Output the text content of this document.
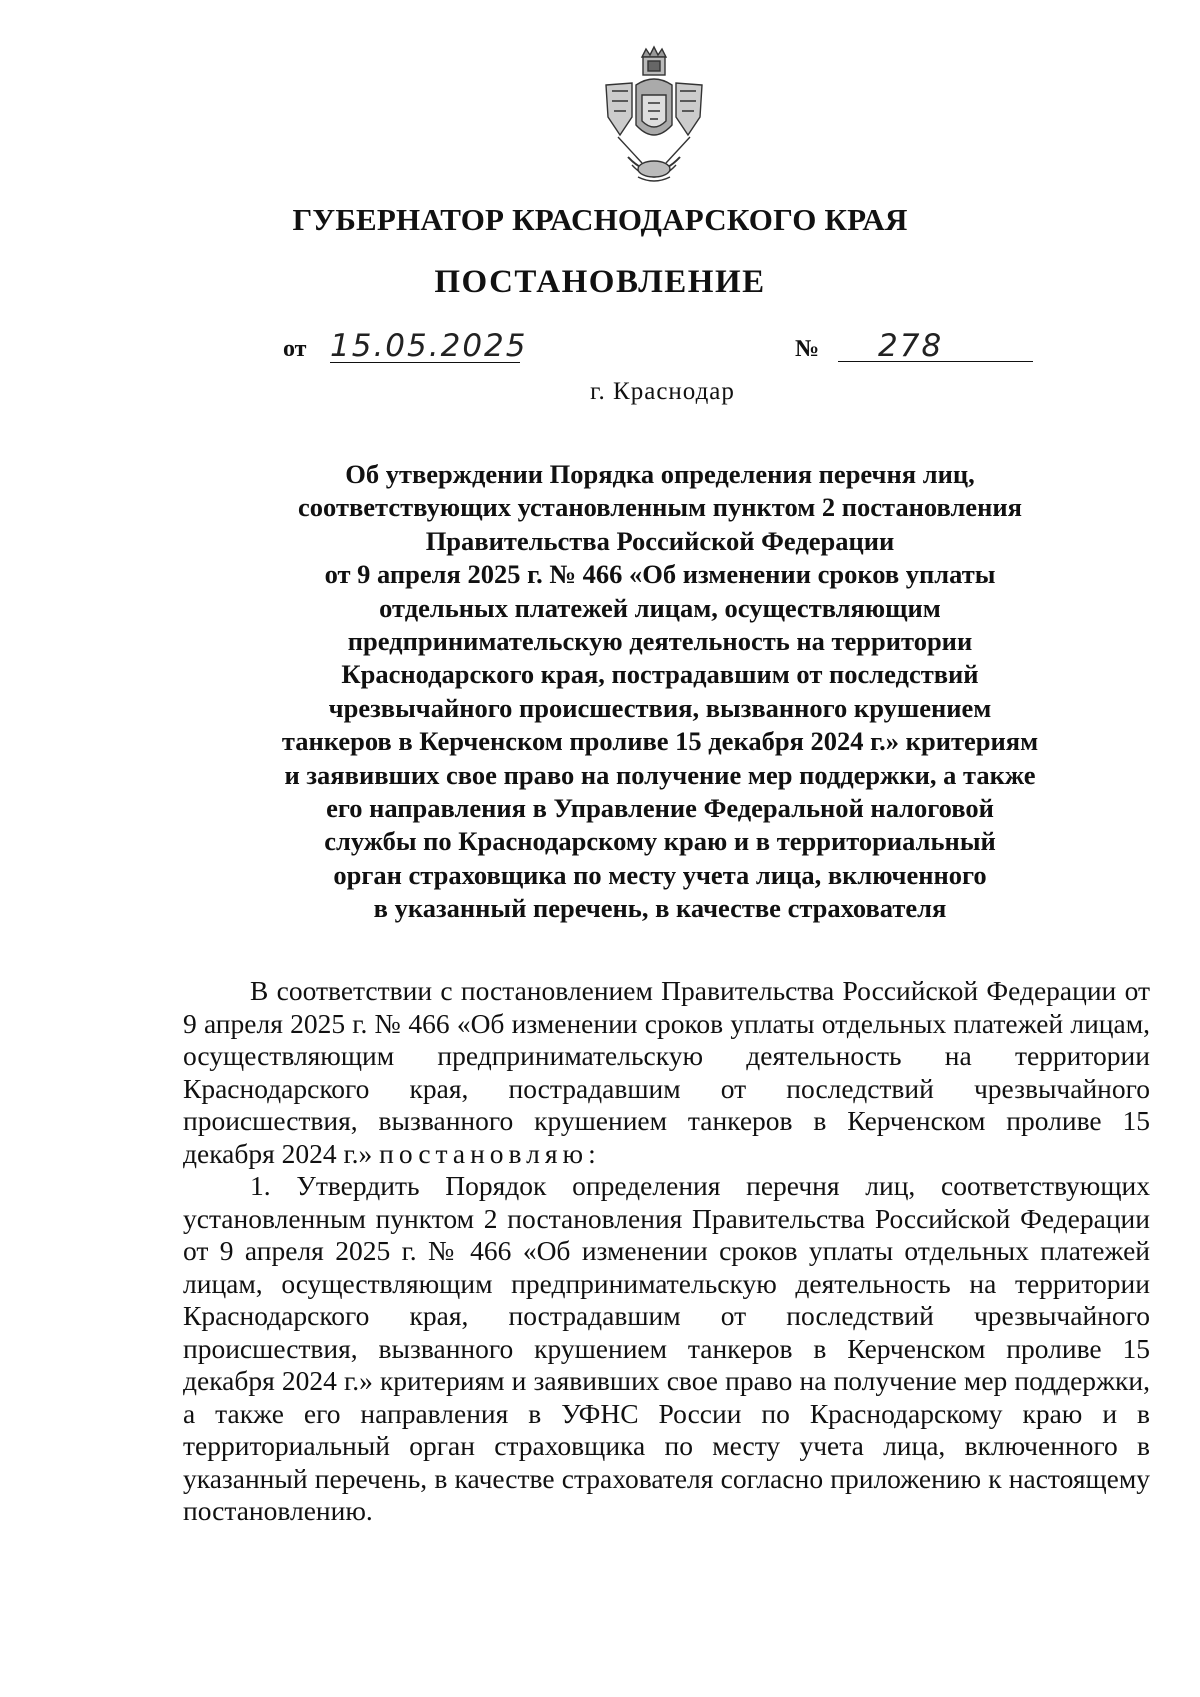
ГУБЕРНАТОР КРАСНОДАРСКОГО КРАЯ
ПОСТАНОВЛЕНИЕ
от 15.05.2025	№	278
г. Краснодар
Об утверждении Порядка определения перечня лиц,
соответствующих установленным пунктом 2 постановления
Правительства Российской Федерации
от 9 апреля 2025 г. № 466 «Об изменении сроков уплаты
отдельных платежей лицам, осуществляющим
предпринимательскую деятельность на территории
Краснодарского края, пострадавшим от последствий
чрезвычайного происшествия, вызванного крушением
танкеров в Керченском проливе 15 декабря 2024 г.» критериям
и заявивших свое право на получение мер поддержки, а также
его направления в Управление Федеральной налоговой
службы по Краснодарскому краю и в территориальный
орган страховщика по месту учета лица, включенного
в указанный перечень, в качестве страхователя

В соответствии с постановлением Правительства Российской Федерации от 9 апреля 2025 г. № 466 «Об изменении сроков уплаты отдельных платежей лицам, осуществляющим предпринимательскую деятельность на территории Краснодарского края, пострадавшим от последствий чрезвычайного происшествия, вызванного крушением танкеров в Керченском проливе 15 декабря 2024 г.» постановляю:

1. Утвердить Порядок определения перечня лиц, соответствующих установленным пунктом 2 постановления Правительства Российской Федерации от 9 апреля 2025 г. № 466 «Об изменении сроков уплаты отдельных платежей лицам, осуществляющим предпринимательскую деятельность на территории Краснодарского края, пострадавшим от последствий чрезвычайного происшествия, вызванного крушением танкеров в Керченском проливе 15 декабря 2024 г.» критериям и заявивших свое право на получение мер поддержки, а также его направления в УФНС России по Краснодарскому краю и в территориальный орган страховщика по месту учета лица, включенного в указанный перечень, в качестве страхователя согласно приложению к настоящему постановлению.
